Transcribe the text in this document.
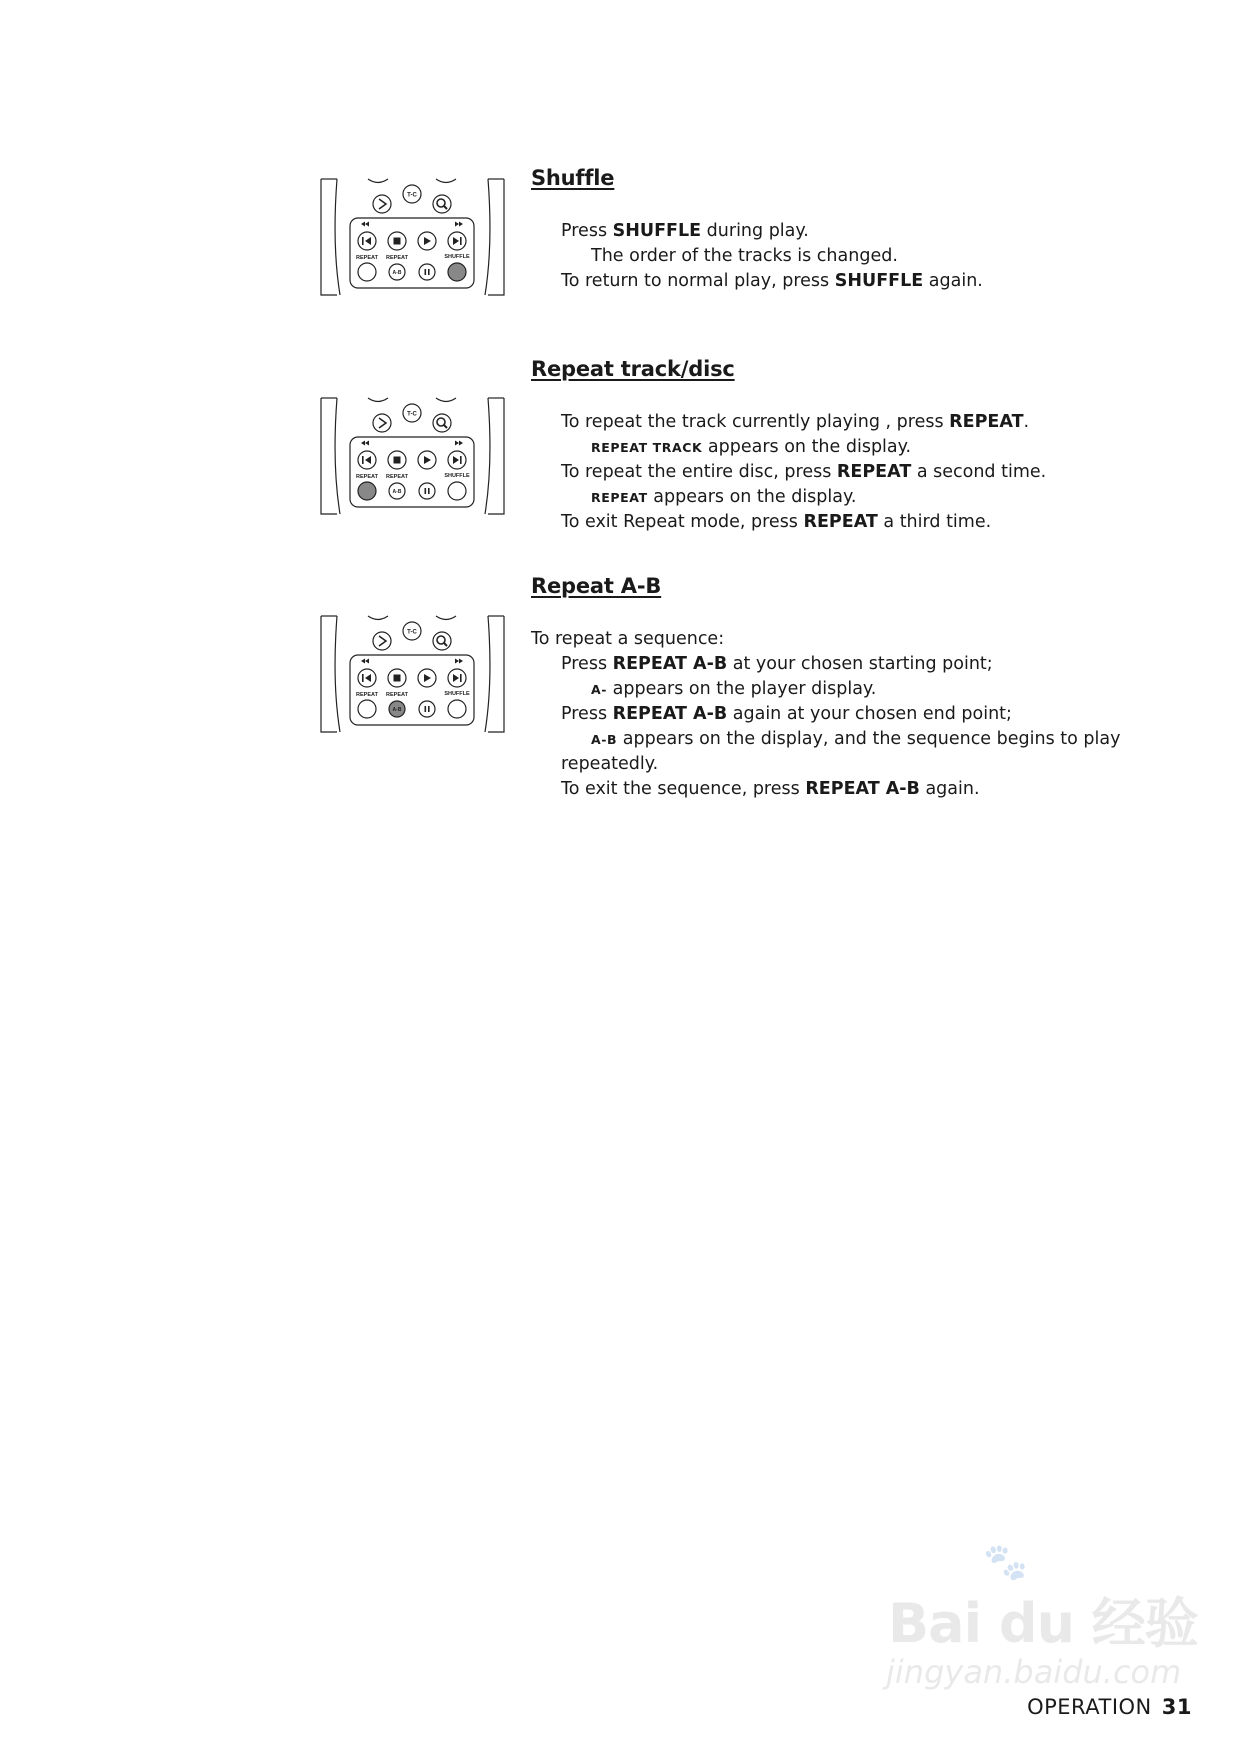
Shuffle
T-C
REPEAT REPEAT	SHUFFLE
A-B
Press SHUFFLE during play.
The order of the tracks is changed.
To return to normal play, press SHUFFLE again.
Repeat track/disc
T-C
REPEAT REPEAT	SHUFFLE
A-B
To repeat the track currently playing , press REPEAT.
REPEAT TRACK appears on the display.
To repeat the entire disc, press REPEAT a second time.
REPEAT appears on the display.
To exit Repeat mode, press REPEAT a third time.
Repeat A-B
T-C
REPEAT REPEAT	SHUFFLE
A-B
To repeat a sequence:
Press REPEAT A-B at your chosen starting point;
A- appears on the player display.
Press REPEAT A-B again at your chosen end point;
A-B appears on the display, and the sequence begins to play
repeatedly.
To exit the sequence, press REPEAT A-B again.
🐾
Bai du 经验
jingyan.baidu.com
OPERATION 31
